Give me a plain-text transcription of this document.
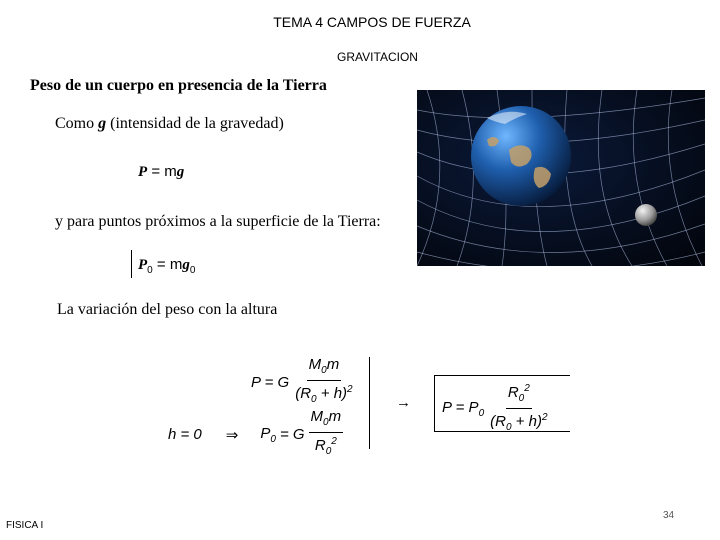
TEMA 4 CAMPOS DE FUERZA
GRAVITACION
Peso de un cuerpo en presencia de la Tierra
Como g (intensidad de la gravedad)
P = mg
y para puntos próximos a la superficie de la Tierra:
$P_0 = mg_0$
La variación del peso con la altura
P = G $\frac{M_0m}{(R_0 + h)^2}$
h = 0 ⇒ $P_0 = G \frac{M_0m}{R_0^2}$
→ $P = P_0 \frac{R_0^2}{(R_0 + h)^2}$
FISICA I
34
